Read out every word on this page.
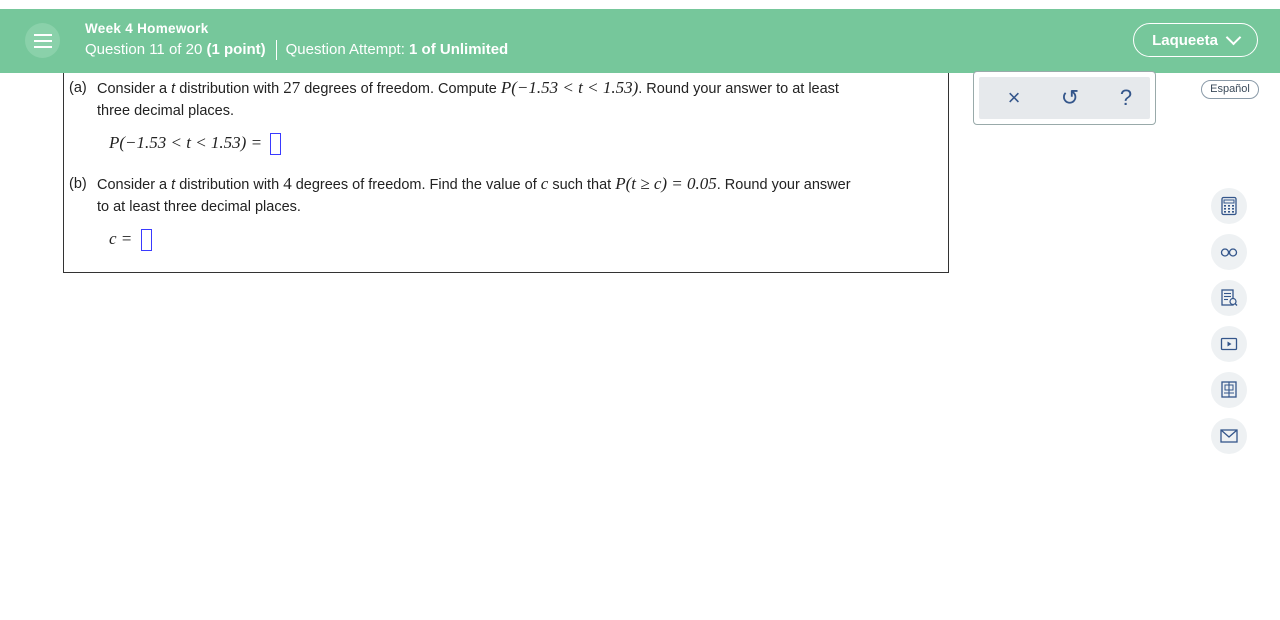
Week 4 Homework
Question 11 of 20 (1 point) Question Attempt: 1 of Unlimited
Laqueeta
(a) Consider a t distribution with 27 degrees of freedom. Compute P(−1.53 < t < 1.53). Round your answer to at least
three decimal places.
P(−1.53 < t < 1.53) =
(b) Consider a t distribution with 4 degrees of freedom. Find the value of c such that P(t ≥ c) = 0.05. Round your answer
to at least three decimal places.
c =
× ↺	?	Español
